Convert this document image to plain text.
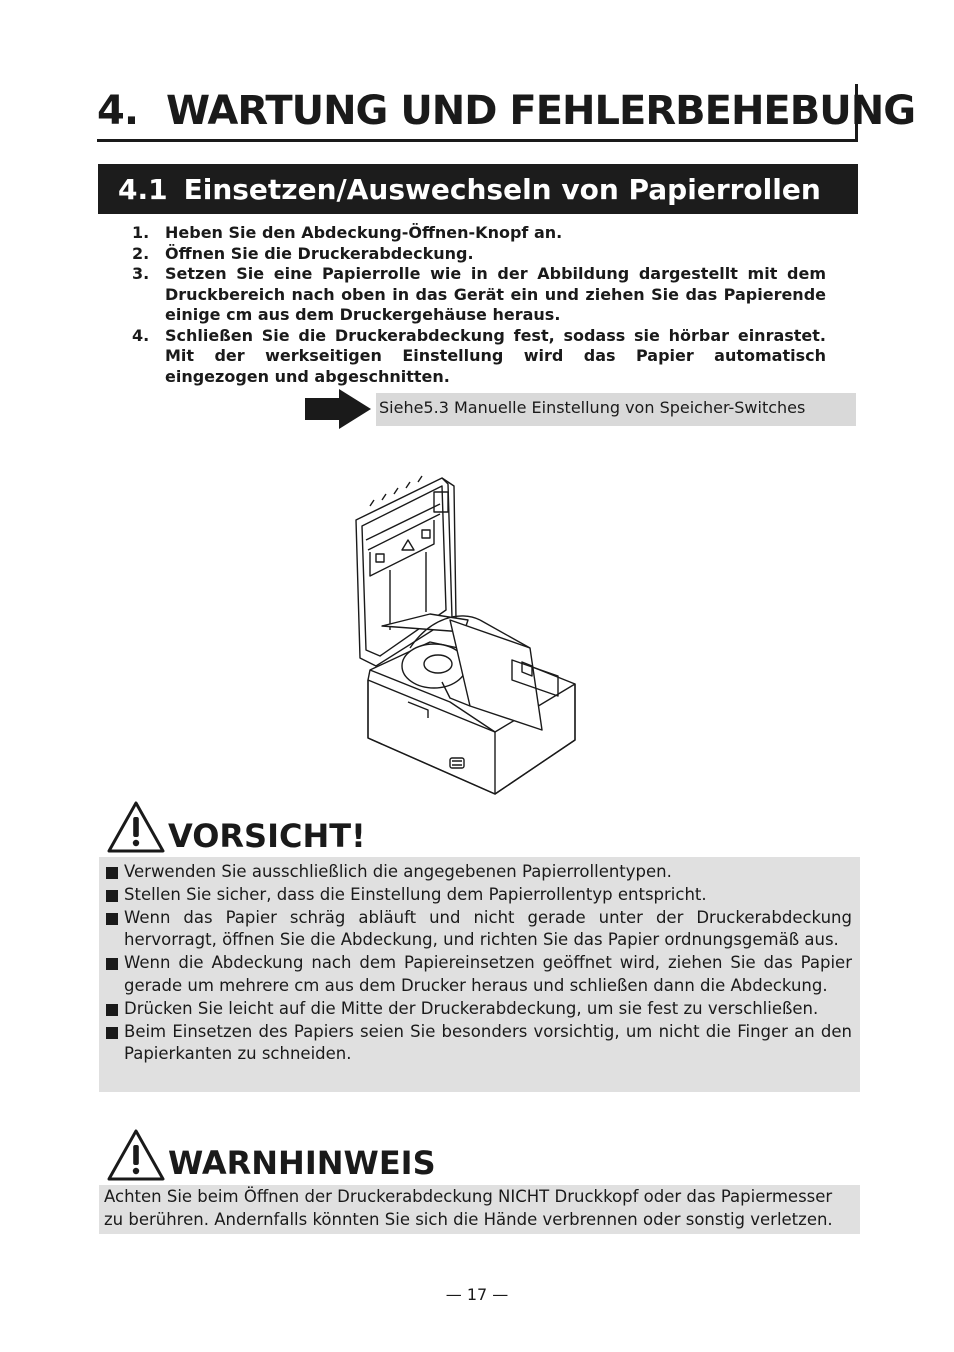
4. WARTUNG UND FEHLERBEHEBUNG
4.1 Einsetzen/Auswechseln von Papierrollen
1. Heben Sie den Abdeckung-Öffnen-Knopf an.
2. Öffnen Sie die Druckerabdeckung.
3. Setzen Sie eine Papierrolle wie in der Abbildung dargestellt mit dem Druckbereich nach oben in das Gerät ein und ziehen Sie das Papierende einige cm aus dem Druckergehäuse heraus.
4. Schließen Sie die Druckerabdeckung fest, sodass sie hörbar einrastet. Mit der werkseitigen Einstellung wird das Papier automatisch eingezogen und abgeschnitten.
Siehe5.3 Manuelle Einstellung von Speicher-Switches
VORSICHT!
Verwenden Sie ausschließlich die angegebenen Papierrollentypen.
Stellen Sie sicher, dass die Einstellung dem Papierrollentyp entspricht.
Wenn das Papier schräg abläuft und nicht gerade unter der Druckerabdeckung hervorragt, öffnen Sie die Abdeckung, und richten Sie das Papier ordnungsgemäß aus.
Wenn die Abdeckung nach dem Papiereinsetzen geöffnet wird, ziehen Sie das Papier gerade um mehrere cm aus dem Drucker heraus und schließen dann die Abdeckung.
Drücken Sie leicht auf die Mitte der Druckerabdeckung, um sie fest zu verschließen.
Beim Einsetzen des Papiers seien Sie besonders vorsichtig, um nicht die Finger an den Papierkanten zu schneiden.
WARNHINWEIS
Achten Sie beim Öffnen der Druckerabdeckung NICHT Druckkopf oder das Papiermesser zu berühren. Andernfalls könnten Sie sich die Hände verbrennen oder sonstig verletzen.
— 17 —
